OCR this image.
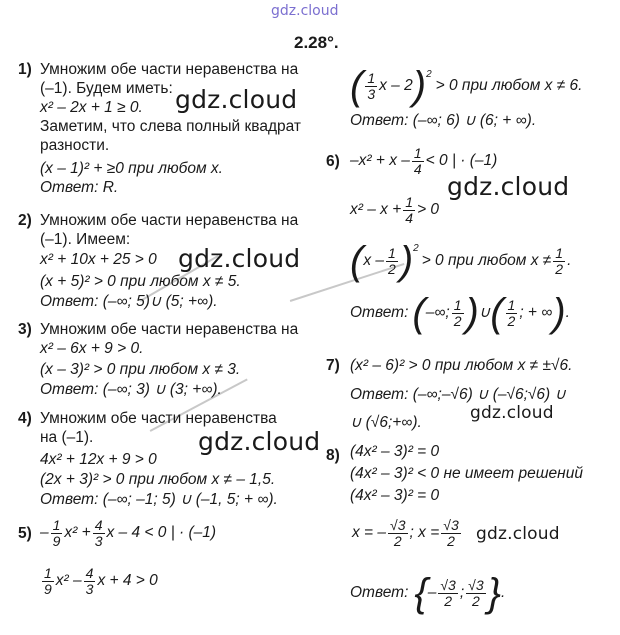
gdz.cloud
2.28°.
1) Умножим обе части неравенства на
(–1). Будем иметь:
x² – 2x + 1 ≥ 0.
Заметим, что слева полный квадрат
разности.
(x – 1)² + ≥0 при любом x.
Ответ: R.
2) Умножим обе части неравенства на
(–1). Имеем:
x² + 10x + 25 > 0
(x + 5)² > 0 при любом x ≠ 5.
Ответ: (–∞; 5)∪ (5; +∞).
3) Умножим обе части неравенства на
x² – 6x + 9 > 0.
(x – 3)² > 0 при любом x ≠ 3.
Ответ: (–∞; 3) ∪ (3; +∞).
4) Умножим обе части неравенства
на (–1).
4x² + 12x + 9 > 0
(2x + 3)² > 0 при любом x ≠ – 1,5.
Ответ: (–∞; –1; 5) ∪ (–1, 5; + ∞).
$5) - \frac{1}{9} x^2 + \frac{4}{3}$ x – 4 < 0 | · (–1)
$\frac{1}{9} x^2 - \frac{4}{3}$ x + 4 > 0
( $\frac{1}{3}$ x – 2 ) 2
> 0 при любом x ≠ 6.
Ответ: (–∞; 6) ∪ (6; + ∞).
6) $-x^2 + x - \frac{1}{4} < 0$ | · (–1)
$x^2 - x + \frac{1}{4} > 0$
( x – $\frac{1}{2}$ ) 2
> 0 при любом $x \ne \frac{1}{2}$ .
Ответ: ( –∞; $\frac{1}{2}$ ) ∪ ( $\frac{1}{2}$ ; + ∞ ) .
7) (x² – 6)² > 0 при любом x ≠ ±√6.
Ответ: (–∞;–√6) ∪ (–√6;√6) ∪
∪ (√6;+∞).
8) (4x² – 3)² = 0
(4x² – 3)² < 0 не имеет решений
(4x² – 3)² = 0
x = – $\frac{√3}{2}$ ; $x = \frac{√3}{2}$
Ответ: { – $\frac{√3}{2}$ ; $\frac{√3}{2}$ } .
gdz.cloud
gdz.cloud
gdz.cloud
gdz.cloud
gdz.cloud
gdz.cloud
